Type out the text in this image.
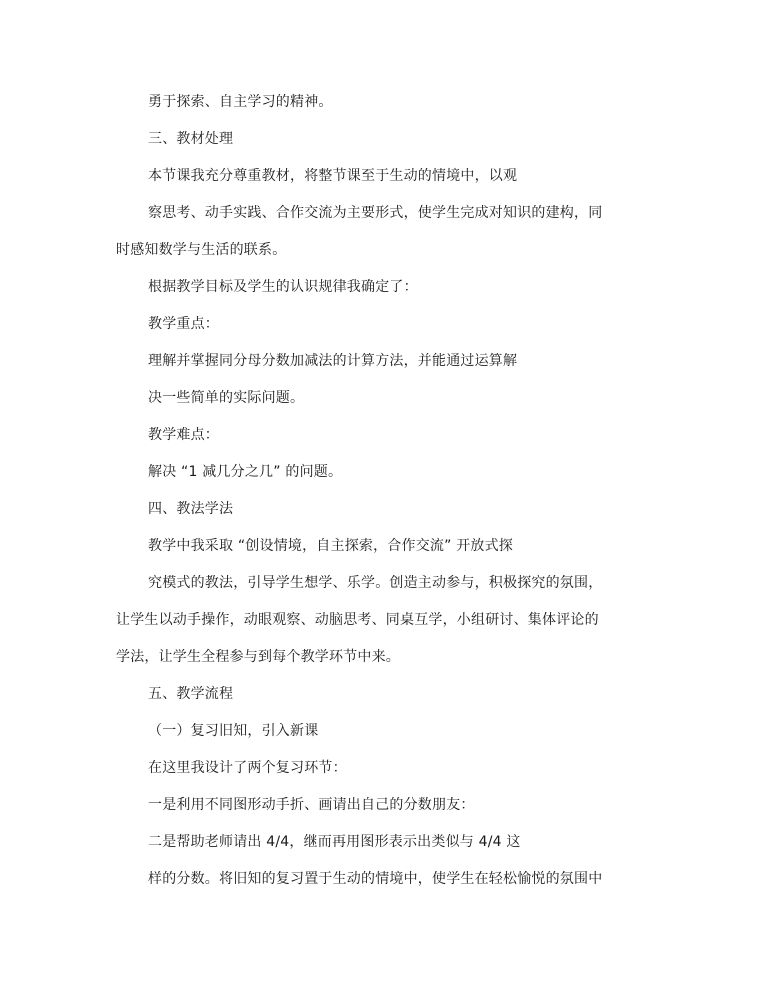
勇于探索、自主学习的精神。
三、教材处理
本节课我充分尊重教材，将整节课至于生动的情境中，以观
察思考、动手实践、合作交流为主要形式，使学生完成对知识的建构，同
时感知数学与生活的联系。
根据教学目标及学生的认识规律我确定了：
教学重点：
理解并掌握同分母分数加减法的计算方法，并能通过运算解
决一些简单的实际问题。
教学难点：
解决 “1 减几分之几” 的问题。
四、教法学法
教学中我采取 “创设情境，自主探索，合作交流” 开放式探
究模式的教法，引导学生想学、乐学。创造主动参与，积极探究的氛围，
让学生以动手操作，动眼观察、动脑思考、同桌互学，小组研讨、集体评论的
学法，让学生全程参与到每个教学环节中来。
五、教学流程
（一）复习旧知，引入新课
在这里我设计了两个复习环节：
一是利用不同图形动手折、画请出自己的分数朋友：
二是帮助老师请出 4/4，继而再用图形表示出类似与 4/4 这
样的分数。将旧知的复习置于生动的情境中，使学生在轻松愉悦的氛围中
